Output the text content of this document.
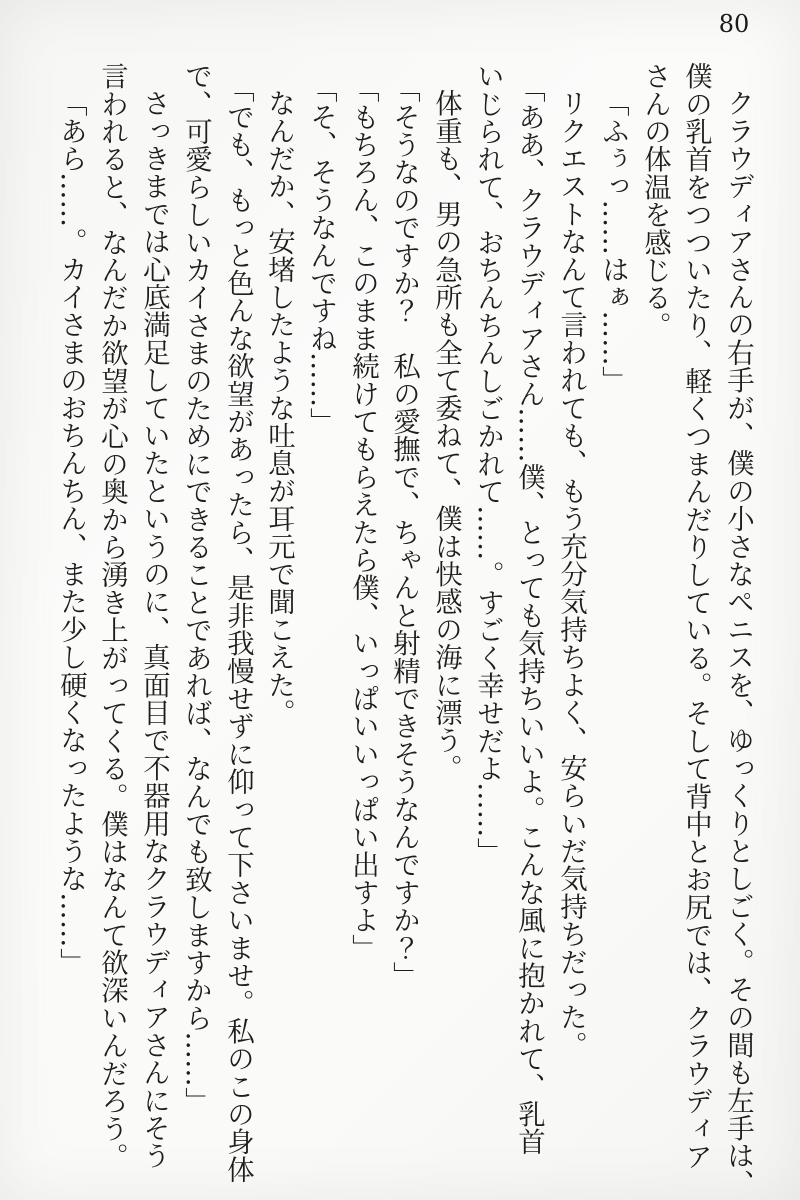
80
クラウディアさんの右手が、僕の小さなペニスを、ゆっくりとしごく。その間も左手は、
僕の乳首をつついたり、軽くつまんだりしている。そして背中とお尻では、クラウディア
さんの体温を感じる。
「ふぅっ……はぁ……」
リクエストなんて言われても、もう充分気持ちよく、安らいだ気持ちだった。
「ああ、クラウディアさん……僕、とっても気持ちいいよ。こんな風に抱かれて、乳首
いじられて、おちんちんしごかれて……。すごく幸せだよ……」
体重も、男の急所も全て委ねて、僕は快感の海に漂う。
「そうなのですか？　私の愛撫で、ちゃんと射精できそうなんですか？」
「もちろん、このまま続けてもらえたら僕、いっぱいいっぱい出すよ」
「そ、そうなんですね……」
なんだか、安堵したような吐息が耳元で聞こえた。
「でも、もっと色んな欲望があったら、是非我慢せずに仰って下さいませ。私のこの身体
で、可愛らしいカイさまのためにできることであれば、なんでも致しますから……」
さっきまでは心底満足していたというのに、真面目で不器用なクラウディアさんにそう
言われると、なんだか欲望が心の奥から湧き上がってくる。僕はなんて欲深いんだろう。
「あら……。カイさまのおちんちん、また少し硬くなったような……」
